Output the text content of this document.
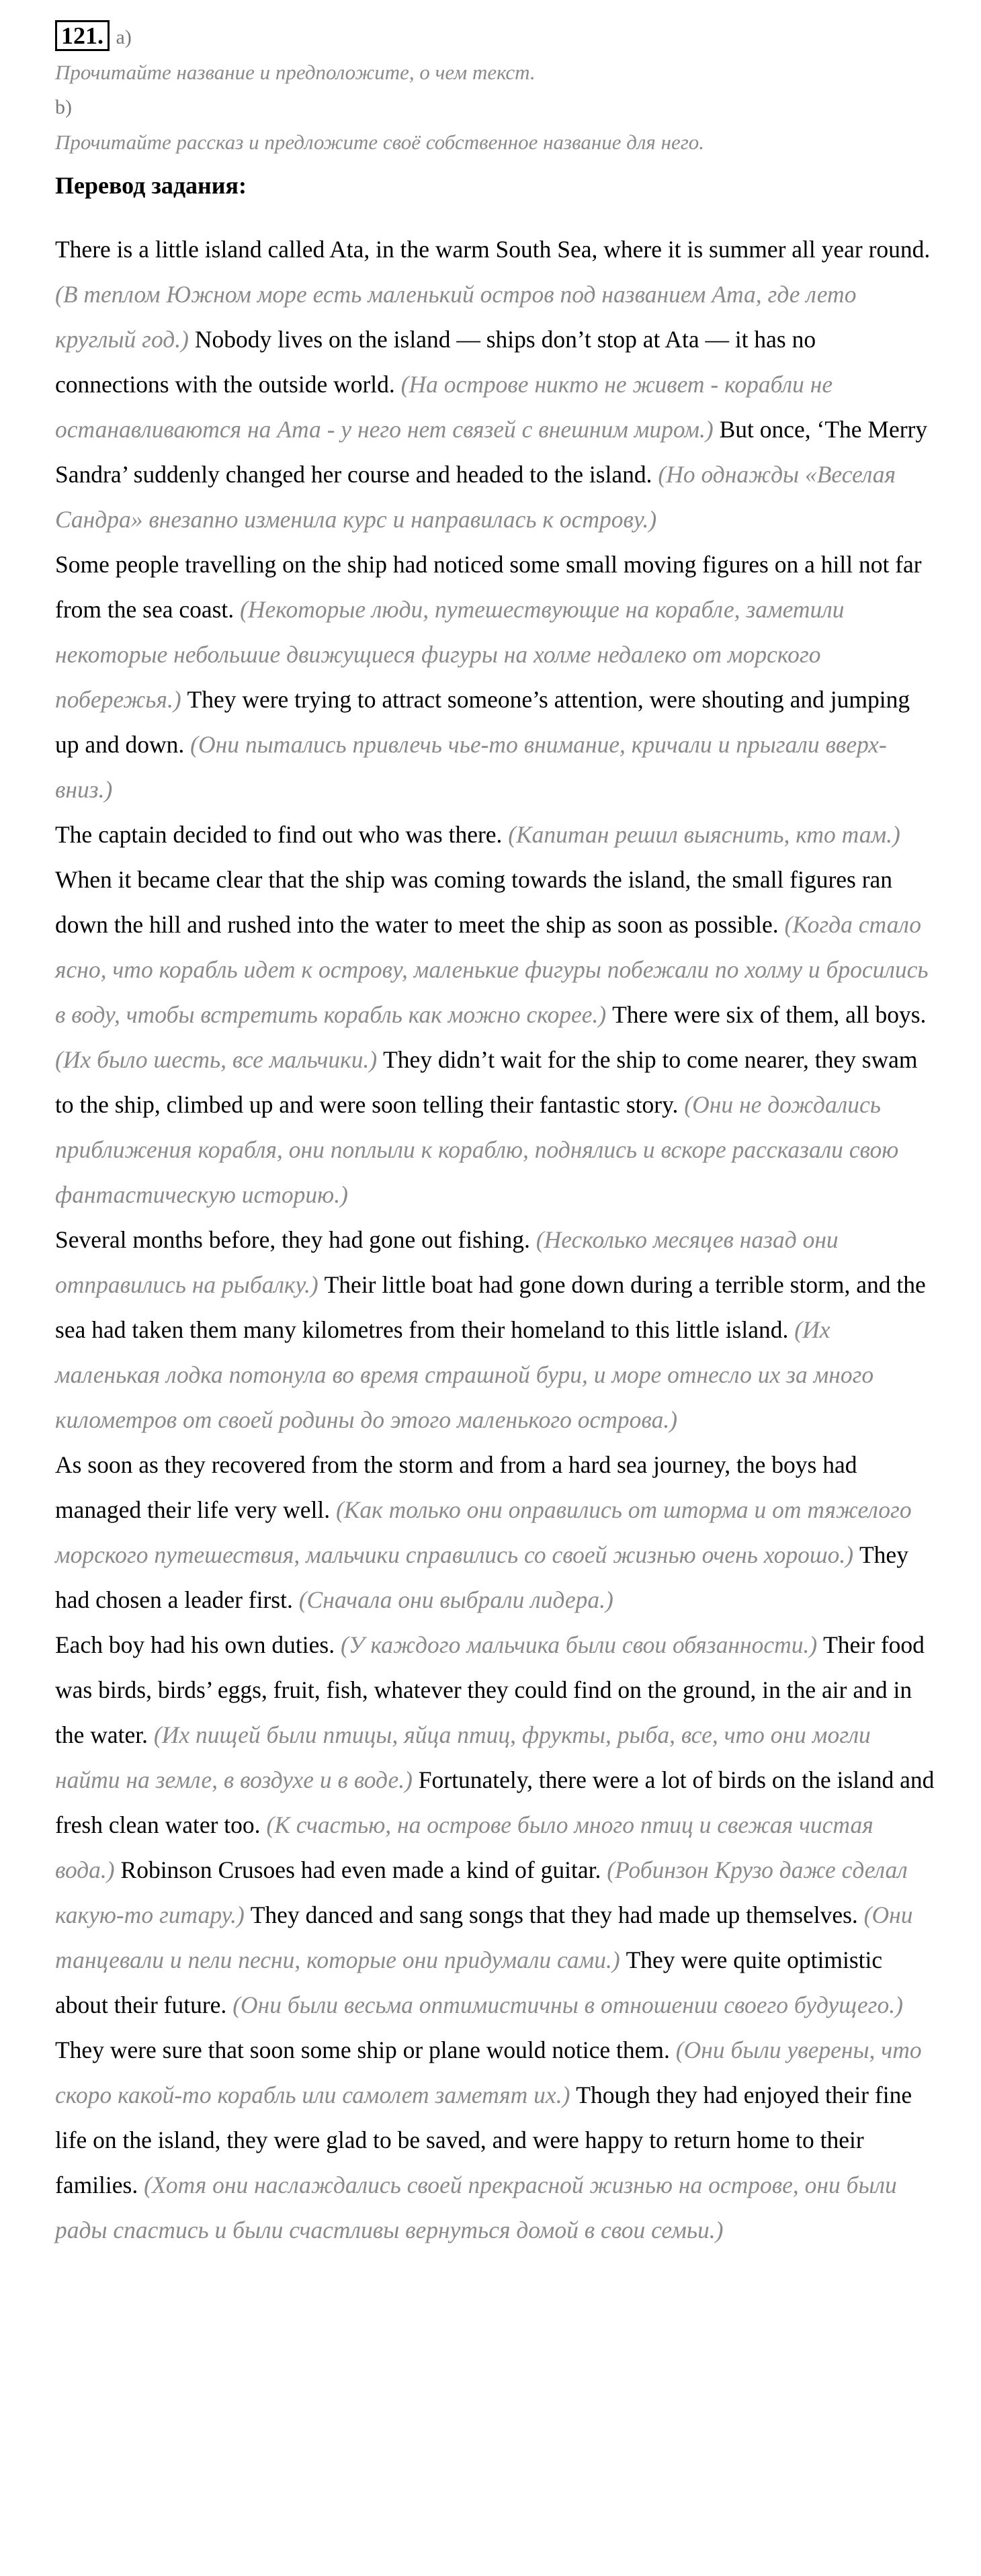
121. a)
Прочитайте название и предположите, о чем текст.
b)
Прочитайте рассказ и предложите своё собственное название для него.
Перевод задания:

There is a little island called Ata, in the warm South Sea, where it is summer all year round. (В теплом Южном море есть маленький остров под названием Ата, где лето круглый год.) Nobody lives on the island — ships don’t stop at Ata — it has no connections with the outside world. (На острове никто не живет - корабли не останавливаются на Ата - у него нет связей с внешним миром.) But once, ‘The Merry Sandra’ suddenly changed her course and headed to the island. (Но однажды «Веселая Сандра» внезапно изменила курс и направилась к острову.)

Some people travelling on the ship had noticed some small moving figures on a hill not far from the sea coast. (Некоторые люди, путешествующие на корабле, заметили некоторые небольшие движущиеся фигуры на холме недалеко от морского побережья.) They were trying to attract someone’s attention, were shouting and jumping up and down. (Они пытались привлечь чье-то внимание, кричали и прыгали вверх-вниз.)

The captain decided to find out who was there. (Капитан решил выяснить, кто там.) When it became clear that the ship was coming towards the island, the small figures ran down the hill and rushed into the water to meet the ship as soon as possible. (Когда стало ясно, что корабль идет к острову, маленькие фигуры побежали по холму и бросились в воду, чтобы встретить корабль как можно скорее.) There were six of them, all boys. (Их было шесть, все мальчики.) They didn’t wait for the ship to come nearer, they swam to the ship, climbed up and were soon telling their fantastic story. (Они не дождались приближения корабля, они поплыли к кораблю, поднялись и вскоре рассказали свою фантастическую историю.)

Several months before, they had gone out fishing. (Несколько месяцев назад они отправились на рыбалку.) Their little boat had gone down during a terrible storm, and the sea had taken them many kilometres from their homeland to this little island. (Их маленькая лодка потонула во время страшной бури, и море отнесло их за много километров от своей родины до этого маленького острова.)

As soon as they recovered from the storm and from a hard sea journey, the boys had managed their life very well. (Как только они оправились от шторма и от тяжелого морского путешествия, мальчики справились со своей жизнью очень хорошо.) They had chosen a leader first. (Сначала они выбрали лидера.)

Each boy had his own duties. (У каждого мальчика были свои обязанности.) Their food was birds, birds’ eggs, fruit, fish, whatever they could find on the ground, in the air and in the water. (Их пищей были птицы, яйца птиц, фрукты, рыба, все, что они могли найти на земле, в воздухе и в воде.) Fortunately, there were a lot of birds on the island and fresh clean water too. (К счастью, на острове было много птиц и свежая чистая вода.) Robinson Crusoes had even made a kind of guitar. (Робинзон Крузо даже сделал какую-то гитару.) They danced and sang songs that they had made up themselves. (Они танцевали и пели песни, которые они придумали сами.) They were quite optimistic about their future. (Они были весьма оптимистичны в отношении своего будущего.) They were sure that soon some ship or plane would notice them. (Они были уверены, что скоро какой-то корабль или самолет заметят их.) Though they had enjoyed their fine life on the island, they were glad to be saved, and were happy to return home to their families. (Хотя они наслаждались своей прекрасной жизнью на острове, они были рады спастись и были счастливы вернуться домой в свои семьи.)
